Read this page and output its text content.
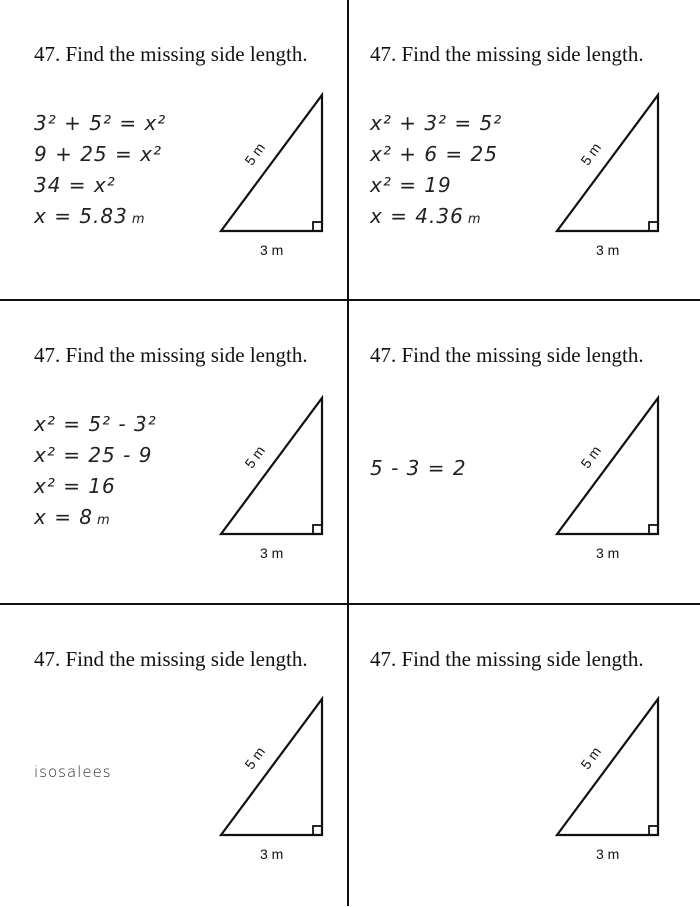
47. Find the missing side length.
3² + 5² = x²
9 + 25 = x²
34 = x²
x = 5.83 m
5 m
3 m
47. Find the missing side length.
x² + 3² = 5²
x² + 6 = 25
x² = 19
x = 4.36 m
5 m
3 m
47. Find the missing side length.
x² = 5² - 3²
x² = 25 - 9
x² = 16
x = 8 m
5 m
3 m
47. Find the missing side length.
5 - 3 = 2	5 m
3 m
47. Find the missing side length.
isosalees	5 m
3 m
47. Find the missing side length.
5 m
3 m
